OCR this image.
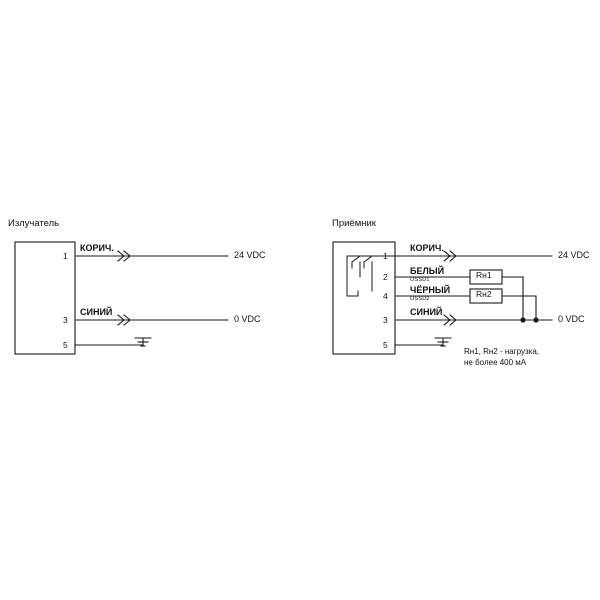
Излучатель
КОРИЧ.
СИНИЙ
1
3
5
24 VDC
0 VDC
Приёмник
КОРИЧ.
БЕЛЫЙ
OSSD1
ЧЁРНЫЙ
OSSD2
СИНИЙ
1
2
4
3
5
24 VDC
0 VDC
Rн1
Rн2
Rн1, Rн2 - нагрузка,
не более 400 мА
